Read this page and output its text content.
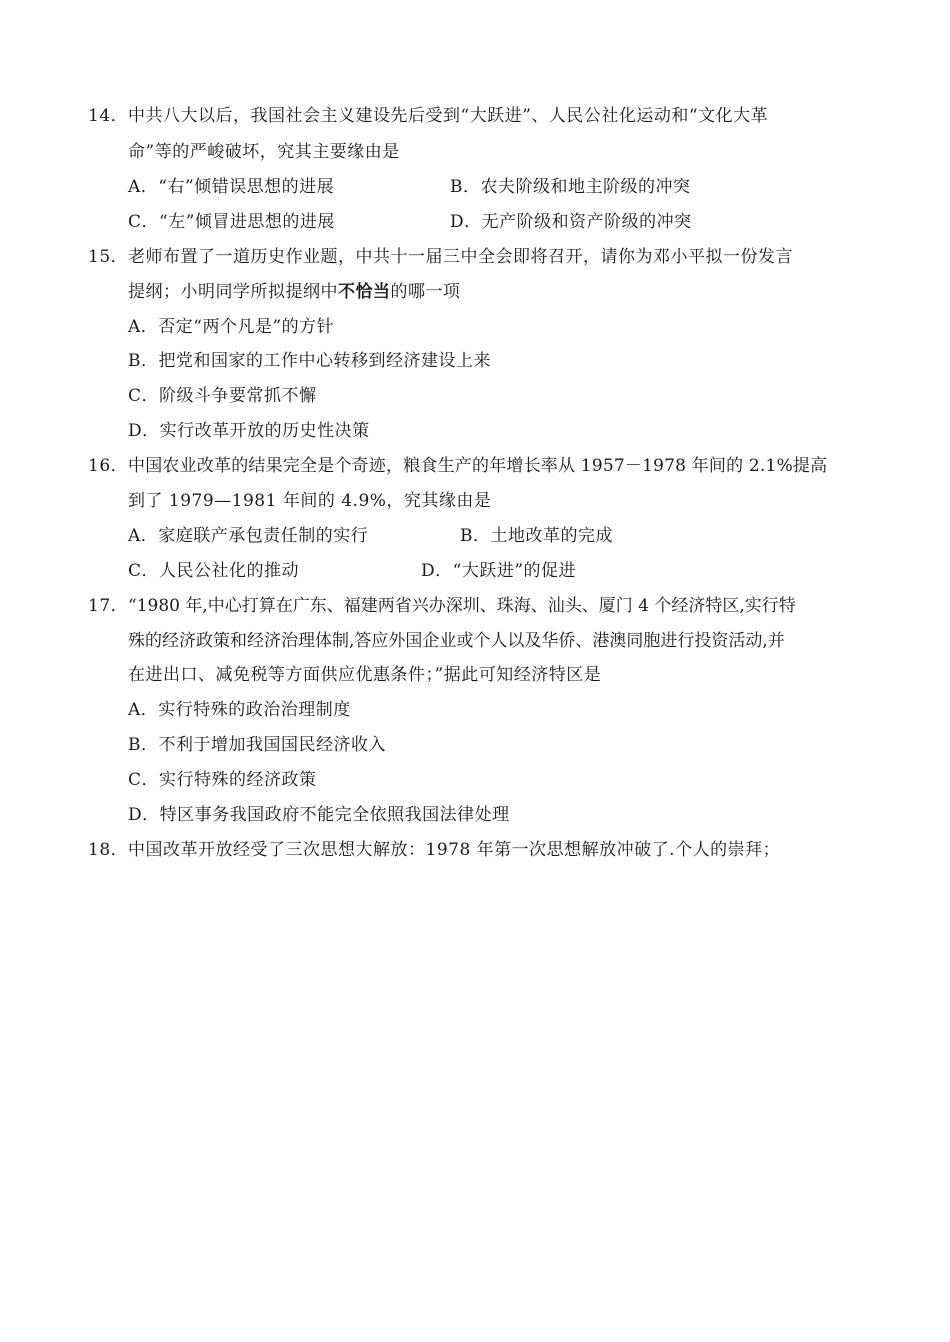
14． 中共八大以后，我国社会主义建设先后受到“大跃进”、人民公社化运动和“文化大革
命”等的严峻破坏，究其主要缘由是
A．“右”倾错误思想的进展	B．农夫阶级和地主阶级的冲突
C．“左”倾冒进思想的进展	D．无产阶级和资产阶级的冲突
15． 老师布置了一道历史作业题，中共十一届三中全会即将召开，请你为邓小平拟一份发言
提纲；小明同学所拟提纲中不恰当的哪一项
A．否定“两个凡是”的方针
B．把党和国家的工作中心转移到经济建设上来
C．阶级斗争要常抓不懈
D．实行改革开放的历史性决策
16． 中国农业改革的结果完全是个奇迹，粮食生产的年增长率从 1957－1978 年间的 2.1%提高
到了 1979—1981 年间的 4.9%，究其缘由是
A．家庭联产承包责任制的实行	B．土地改革的完成
C．人民公社化的推动	D．“大跃进”的促进
17． “1980 年,中心打算在广东、福建两省兴办深圳、珠海、汕头、厦门 4 个经济特区,实行特
殊的经济政策和经济治理体制,答应外国企业或个人以及华侨、港澳同胞进行投资活动,并
在进出口、减免税等方面供应优惠条件；”据此可知经济特区是
A．实行特殊的政治治理制度
B．不利于增加我国国民经济收入
C．实行特殊的经济政策
D．特区事务我国政府不能完全依照我国法律处理
18． 中国改革开放经受了三次思想大解放：1978 年第一次思想解放冲破了.个人的崇拜；
